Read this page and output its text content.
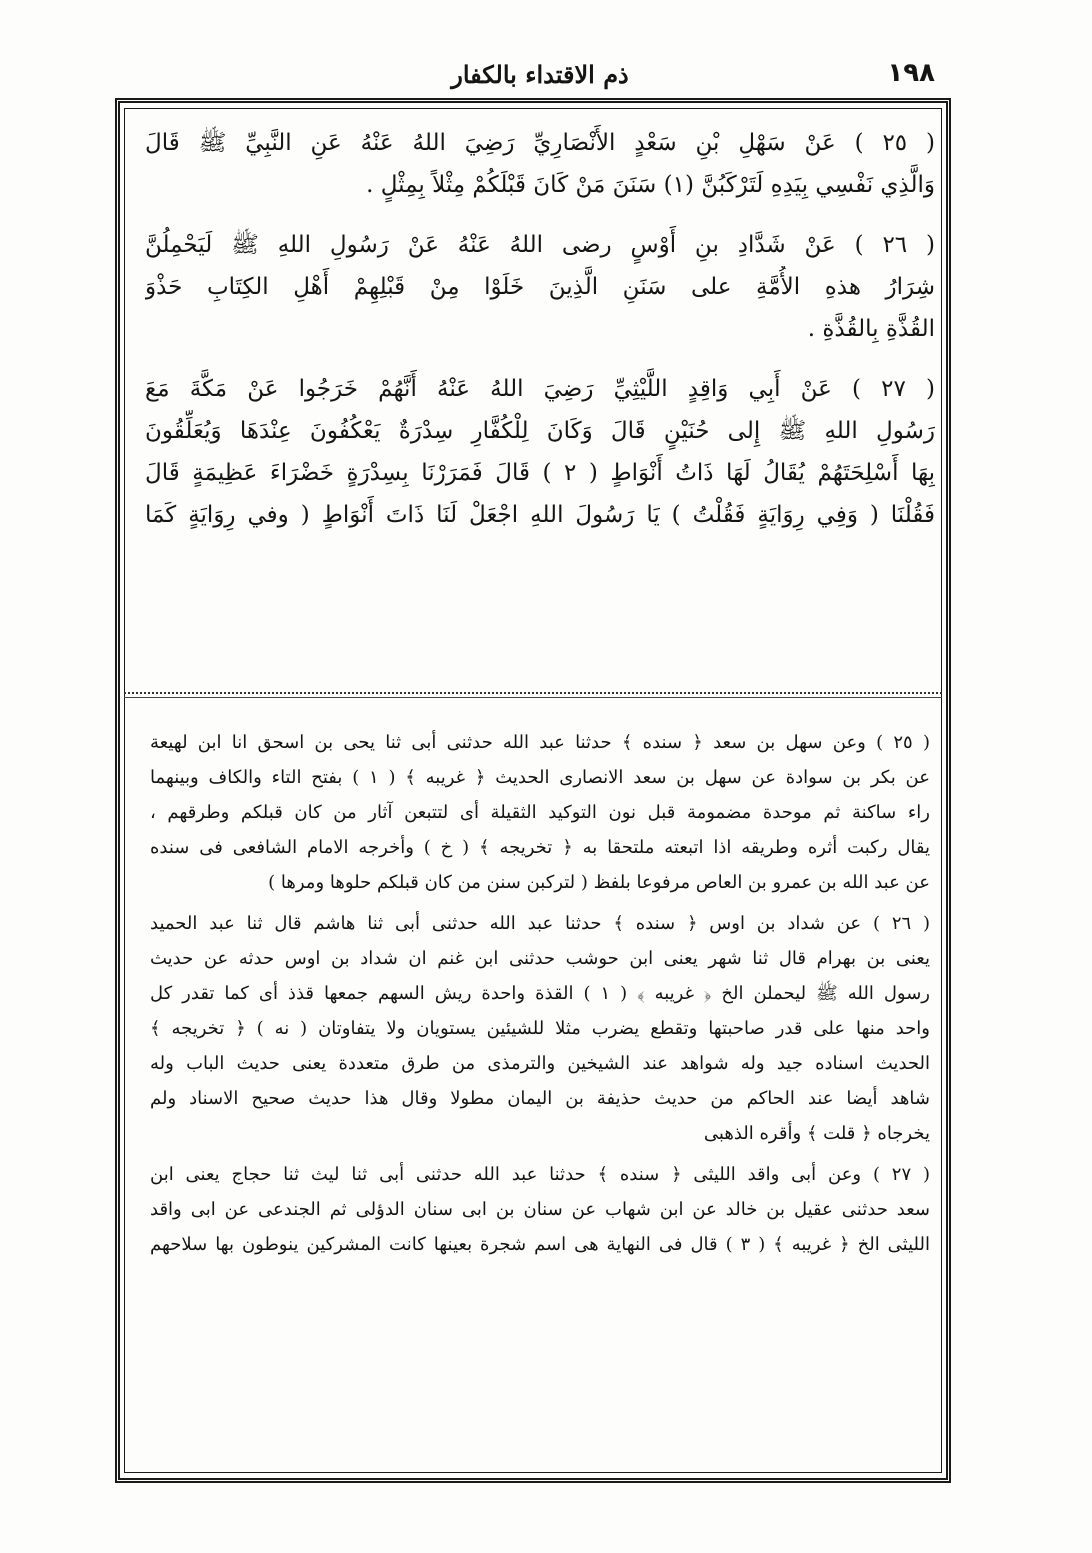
١٩٨
ذم الاقتداء بالكفار

( ٢٥ ) عَنْ سَهْلِ بْنِ سَعْدٍ الأَنْصَارِيِّ رَضِيَ اللهُ عَنْهُ عَنِ النَّبِيِّ ﷺ قَالَ

وَالَّذِي نَفْسِي بِيَدِهِ لَتَرْكَبُنَّ (١) سَنَنَ مَنْ كَانَ قَبْلَكُمْ مِثْلاً بِمِثْلٍ .

( ٢٦ ) عَنْ شَدَّادِ بنِ أَوْسٍ رضى اللهُ عَنْهُ عَنْ رَسُولِ اللهِ ﷺ لَيَحْمِلُنَّ

شِرَارُ هذهِ الأُمَّةِ على سَنَنِ الَّذِينَ خَلَوْا مِنْ قَبْلِهِمْ أَهْلِ الكِتَابِ حَذْوَ

القُذَّةِ بِالقُذَّةِ .

( ٢٧ ) عَنْ أَبِي وَاقِدٍ اللَّيْثِيِّ رَضِيَ اللهُ عَنْهُ أَنَّهُمْ خَرَجُوا عَنْ مَكَّةَ مَعَ

رَسُولِ اللهِ ﷺ إِلى حُنَيْنٍ قَالَ وَكَانَ لِلْكُفَّارِ سِدْرَةٌ يَعْكُفُونَ عِنْدَهَا وَيُعَلِّقُونَ

بِهَا أَسْلِحَتَهُمْ يُقَالُ لَهَا ذَاتُ أَنْوَاطٍ ( ٢ ) قَالَ فَمَرَرْنَا بِسِدْرَةٍ خَضْرَاءَ عَظِيمَةٍ قَالَ

فَقُلْنَا ( وَفِي رِوَايَةٍ فَقُلْتُ ) يَا رَسُولَ اللهِ اجْعَلْ لَنَا ذَاتَ أَنْوَاطٍ ( وفي رِوَايَةٍ كَمَا

( ٢٥ ) وعن سهل بن سعد ﴿ سنده ﴾ حدثنا عبد الله حدثنى أبى ثنا يحى بن اسحق انا ابن لهيعة

عن بكر بن سوادة عن سهل بن سعد الانصارى الحديث ﴿ غريبه ﴾ ( ١ ) بفتح التاء والكاف وبينهما

راء ساكنة ثم موحدة مضمومة قبل نون التوكيد الثقيلة أى لتتبعن آثار من كان قبلكم وطرقهم ،

يقال ركبت أثره وطريقه اذا اتبعته ملتحقا به ﴿ تخريجه ﴾ ( خ ) وأخرجه الامام الشافعى فى سنده

عن عبد الله بن عمرو بن العاص مرفوعا بلفظ ( لتركبن سنن من كان قبلكم حلوها ومرها )

( ٢٦ ) عن شداد بن اوس ﴿ سنده ﴾ حدثنا عبد الله حدثنى أبى ثنا هاشم قال ثنا عبد الحميد

يعنى بن بهرام قال ثنا شهر يعنى ابن حوشب حدثنى ابن غنم ان شداد بن اوس حدثه عن حديث

رسول الله ﷺ ليحملن الخ ﴿ غريبه ﴾ ( ١ ) القذة واحدة ريش السهم جمعها قذذ أى كما تقدر كل

واحد منها على قدر صاحبتها وتقطع يضرب مثلا للشيئين يستويان ولا يتفاوتان ( نه ) ﴿ تخريجه ﴾

الحديث اسناده جيد وله شواهد عند الشيخين والترمذى من طرق متعددة يعنى حديث الباب وله

شاهد أيضا عند الحاكم من حديث حذيفة بن اليمان مطولا وقال هذا حديث صحيح الاسناد ولم

يخرجاه ﴿ قلت ﴾ وأقره الذهبى

( ٢٧ ) وعن أبى واقد الليثى ﴿ سنده ﴾ حدثنا عبد الله حدثنى أبى ثنا ليث ثنا حجاج يعنى ابن

سعد حدثنى عقيل بن خالد عن ابن شهاب عن سنان بن ابى سنان الدؤلى ثم الجندعى عن ابى واقد

الليثى الخ ﴿ غريبه ﴾ ( ٣ ) قال فى النهاية هى اسم شجرة بعينها كانت المشركين ينوطون بها سلاحهم
